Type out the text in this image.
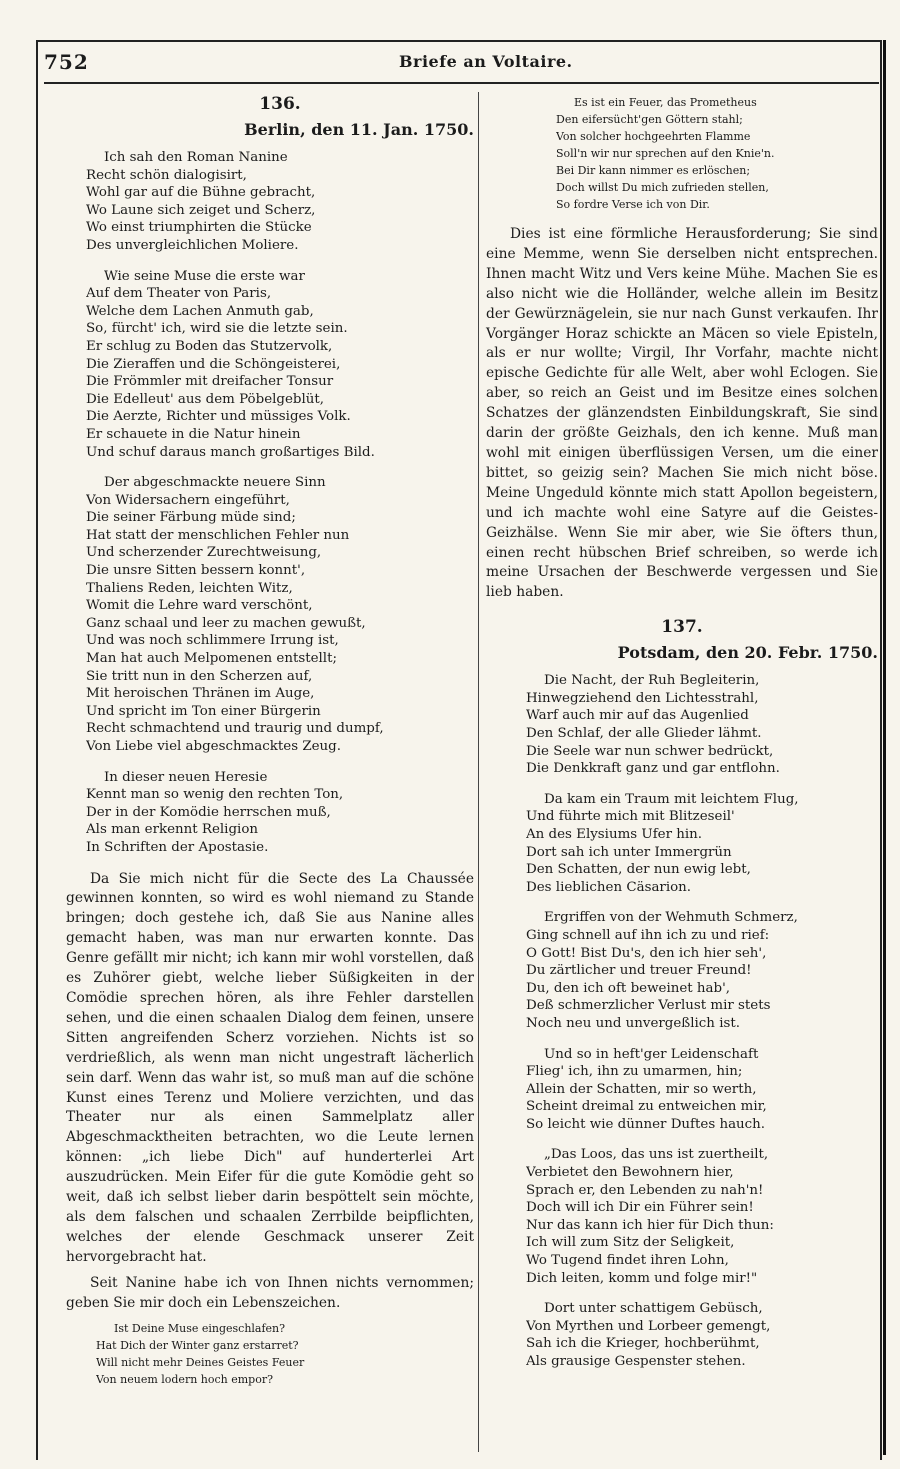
752	Briefe an Voltaire.
136.
Berlin, den 11. Jan. 1750.
Ich sah den Roman Nanine
Recht schön dialogisirt,
Wohl gar auf die Bühne gebracht,
Wo Laune sich zeiget und Scherz,
Wo einst triumphirten die Stücke
Des unvergleichlichen Moliere.
Wie seine Muse die erste war
Auf dem Theater von Paris,
Welche dem Lachen Anmuth gab,
So, fürcht' ich, wird sie die letzte sein.
Er schlug zu Boden das Stutzervolk,
Die Zieraffen und die Schöngeisterei,
Die Frömmler mit dreifacher Tonsur
Die Edelleut' aus dem Pöbelgeblüt,
Die Aerzte, Richter und müssiges Volk.
Er schauete in die Natur hinein
Und schuf daraus manch großartiges Bild.
Der abgeschmackte neuere Sinn
Von Widersachern eingeführt,
Die seiner Färbung müde sind;
Hat statt der menschlichen Fehler nun
Und scherzender Zurechtweisung,
Die unsre Sitten bessern konnt',
Thaliens Reden, leichten Witz,
Womit die Lehre ward verschönt,
Ganz schaal und leer zu machen gewußt,
Und was noch schlimmere Irrung ist,
Man hat auch Melpomenen entstellt;
Sie tritt nun in den Scherzen auf,
Mit heroischen Thränen im Auge,
Und spricht im Ton einer Bürgerin
Recht schmachtend und traurig und dumpf,
Von Liebe viel abgeschmacktes Zeug.
In dieser neuen Heresie
Kennt man so wenig den rechten Ton,
Der in der Komödie herrschen muß,
Als man erkennt Religion
In Schriften der Apostasie.

Da Sie mich nicht für die Secte des La Chaussée gewinnen konnten, so wird es wohl niemand zu Stande bringen; doch gestehe ich, daß Sie aus Nanine alles gemacht haben, was man nur erwarten konnte. Das Genre gefällt mir nicht; ich kann mir wohl vorstellen, daß es Zuhörer giebt, welche lieber Süßigkeiten in der Comödie sprechen hören, als ihre Fehler darstellen sehen, und die einen schaalen Dialog dem feinen, unsere Sitten angreifenden Scherz vorziehen. Nichts ist so verdrießlich, als wenn man nicht ungestraft lächerlich sein darf. Wenn das wahr ist, so muß man auf die schöne Kunst eines Terenz und Moliere verzichten, und das Theater nur als einen Sammelplatz aller Abgeschmacktheiten betrachten, wo die Leute lernen können: „ich liebe Dich" auf hunderterlei Art auszudrücken. Mein Eifer für die gute Komödie geht so weit, daß ich selbst lieber darin bespöttelt sein möchte, als dem falschen und schaalen Zerrbilde beipflichten, welches der elende Geschmack unserer Zeit hervorgebracht hat.

Seit Nanine habe ich von Ihnen nichts vernommen; geben Sie mir doch ein Lebenszeichen.

Ist Deine Muse eingeschlafen?
Hat Dich der Winter ganz erstarret?
Will nicht mehr Deines Geistes Feuer
Von neuem lodern hoch empor?
Es ist ein Feuer, das Prometheus
Den eifersücht'gen Göttern stahl;
Von solcher hochgeehrten Flamme
Soll'n wir nur sprechen auf den Knie'n.
Bei Dir kann nimmer es erlöschen;
Doch willst Du mich zufrieden stellen,
So fordre Verse ich von Dir.

Dies ist eine förmliche Herausforderung; Sie sind eine Memme, wenn Sie derselben nicht entsprechen. Ihnen macht Witz und Vers keine Mühe. Machen Sie es also nicht wie die Holländer, welche allein im Besitz der Gewürznägelein, sie nur nach Gunst verkaufen. Ihr Vorgänger Horaz schickte an Mäcen so viele Episteln, als er nur wollte; Virgil, Ihr Vorfahr, machte nicht epische Gedichte für alle Welt, aber wohl Eclogen. Sie aber, so reich an Geist und im Besitze eines solchen Schatzes der glänzendsten Einbildungskraft, Sie sind darin der größte Geizhals, den ich kenne. Muß man wohl mit einigen überflüssigen Versen, um die einer bittet, so geizig sein? Machen Sie mich nicht böse. Meine Ungeduld könnte mich statt Apollon begeistern, und ich machte wohl eine Satyre auf die Geistes-Geizhälse. Wenn Sie mir aber, wie Sie öfters thun, einen recht hübschen Brief schreiben, so werde ich meine Ursachen der Beschwerde vergessen und Sie lieb haben.

137.
Potsdam, den 20. Febr. 1750.
Die Nacht, der Ruh Begleiterin,
Hinwegziehend den Lichtesstrahl,
Warf auch mir auf das Augenlied
Den Schlaf, der alle Glieder lähmt.
Die Seele war nun schwer bedrückt,
Die Denkkraft ganz und gar entflohn.
Da kam ein Traum mit leichtem Flug,
Und führte mich mit Blitzeseil'
An des Elysiums Ufer hin.
Dort sah ich unter Immergrün
Den Schatten, der nun ewig lebt,
Des lieblichen Cäsarion.
Ergriffen von der Wehmuth Schmerz,
Ging schnell auf ihn ich zu und rief:
O Gott! Bist Du's, den ich hier seh',
Du zärtlicher und treuer Freund!
Du, den ich oft beweinet hab',
Deß schmerzlicher Verlust mir stets
Noch neu und unvergeßlich ist.
Und so in heft'ger Leidenschaft
Flieg' ich, ihn zu umarmen, hin;
Allein der Schatten, mir so werth,
Scheint dreimal zu entweichen mir,
So leicht wie dünner Duftes hauch.
„Das Loos, das uns ist zuertheilt,
Verbietet den Bewohnern hier,
Sprach er, den Lebenden zu nah'n!
Doch will ich Dir ein Führer sein!
Nur das kann ich hier für Dich thun:
Ich will zum Sitz der Seligkeit,
Wo Tugend findet ihren Lohn,
Dich leiten, komm und folge mir!"
Dort unter schattigem Gebüsch,
Von Myrthen und Lorbeer gemengt,
Sah ich die Krieger, hochberühmt,
Als grausige Gespenster stehen.
